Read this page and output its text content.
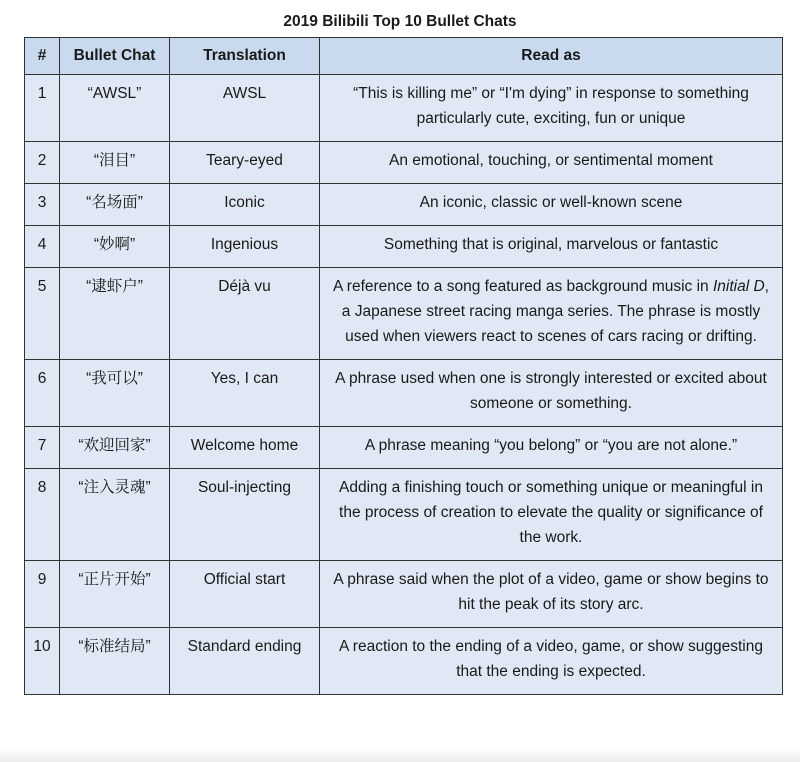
2019 Bilibili Top 10 Bullet Chats
#	Bullet Chat	Translation	Read as
1	“AWSL”	AWSL	“This is killing me” or “I'm dying” in response to something particularly cute, exciting, fun or unique
2	“泪目”	Teary-eyed	An emotional, touching, or sentimental moment
3	“名场面”	Iconic	An iconic, classic or well-known scene
4	“妙啊”	Ingenious	Something that is original, marvelous or fantastic
5	“逮虾户”	Déjà vu	A reference to a song featured as background music in Initial D, a Japanese street racing manga series. The phrase is mostly used when viewers react to scenes of cars racing or drifting.
6	“我可以”	Yes, I can	A phrase used when one is strongly interested or excited about someone or something.
7	“欢迎回家”	Welcome home	A phrase meaning “you belong” or “you are not alone.”
8	“注入灵魂”	Soul-injecting	Adding a finishing touch or something unique or meaningful in the process of creation to elevate the quality or significance of the work.
9	“正片开始”	Official start	A phrase said when the plot of a video, game or show begins to hit the peak of its story arc.
10	“标准结局”	Standard ending	A reaction to the ending of a video, game, or show suggesting that the ending is expected.
